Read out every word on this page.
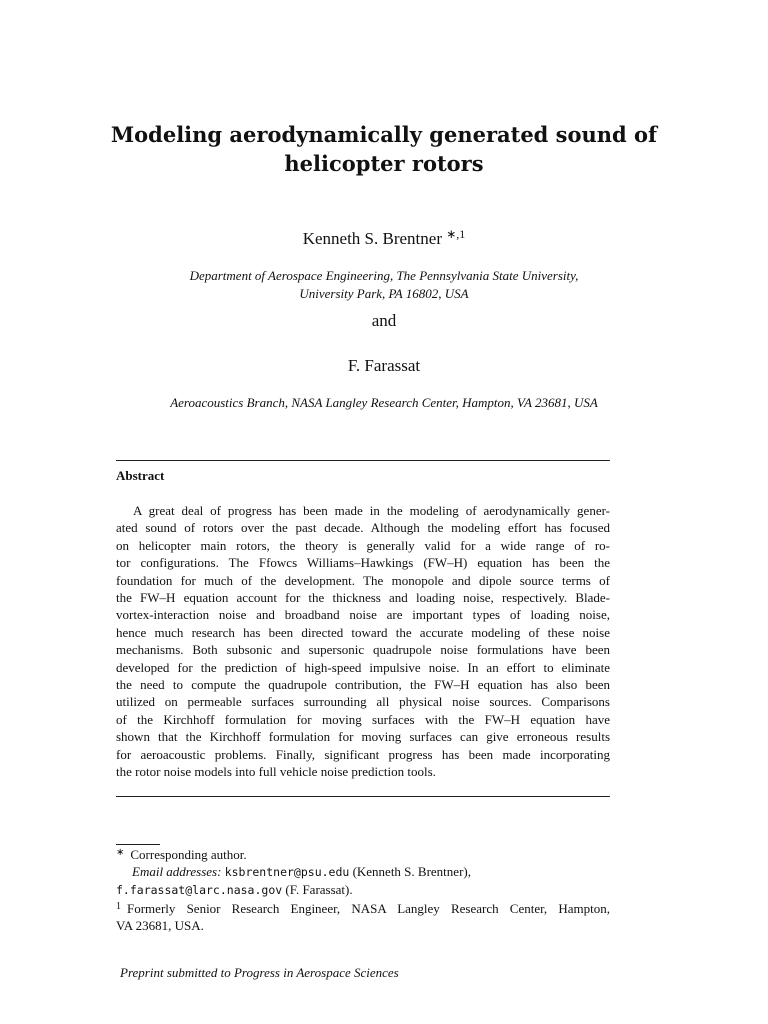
Modeling aerodynamically generated sound of
helicopter rotors
Kenneth S. Brentner $^{∗,1}$
Department of Aerospace Engineering, The Pennsylvania State University,
University Park, PA 16802, USA
and
F. Farassat
Aeroacoustics Branch, NASA Langley Research Center, Hampton, VA 23681, USA
Abstract
A great deal of progress has been made in the modeling of aerodynamically gener-
ated sound of rotors over the past decade. Although the modeling effort has focused
on helicopter main rotors, the theory is generally valid for a wide range of ro-
tor configurations. The Ffowcs Williams–Hawkings (FW–H) equation has been the
foundation for much of the development. The monopole and dipole source terms of
the FW–H equation account for the thickness and loading noise, respectively. Blade-
vortex-interaction noise and broadband noise are important types of loading noise,
hence much research has been directed toward the accurate modeling of these noise
mechanisms. Both subsonic and supersonic quadrupole noise formulations have been
developed for the prediction of high-speed impulsive noise. In an effort to eliminate
the need to compute the quadrupole contribution, the FW–H equation has also been
utilized on permeable surfaces surrounding all physical noise sources. Comparisons
of the Kirchhoff formulation for moving surfaces with the FW–H equation have
shown that the Kirchhoff formulation for moving surfaces can give erroneous results
for aeroacoustic problems. Finally, significant progress has been made incorporating
the rotor noise models into full vehicle noise prediction tools.
∗ Corresponding author.
Email addresses: ksbrentner@psu.edu (Kenneth S. Brentner),
f.farassat@larc.nasa.gov (F. Farassat).
$^1$ Formerly Senior Research Engineer, NASA Langley Research Center, Hampton,
VA 23681, USA.
Preprint submitted to Progress in Aerospace Sciences
